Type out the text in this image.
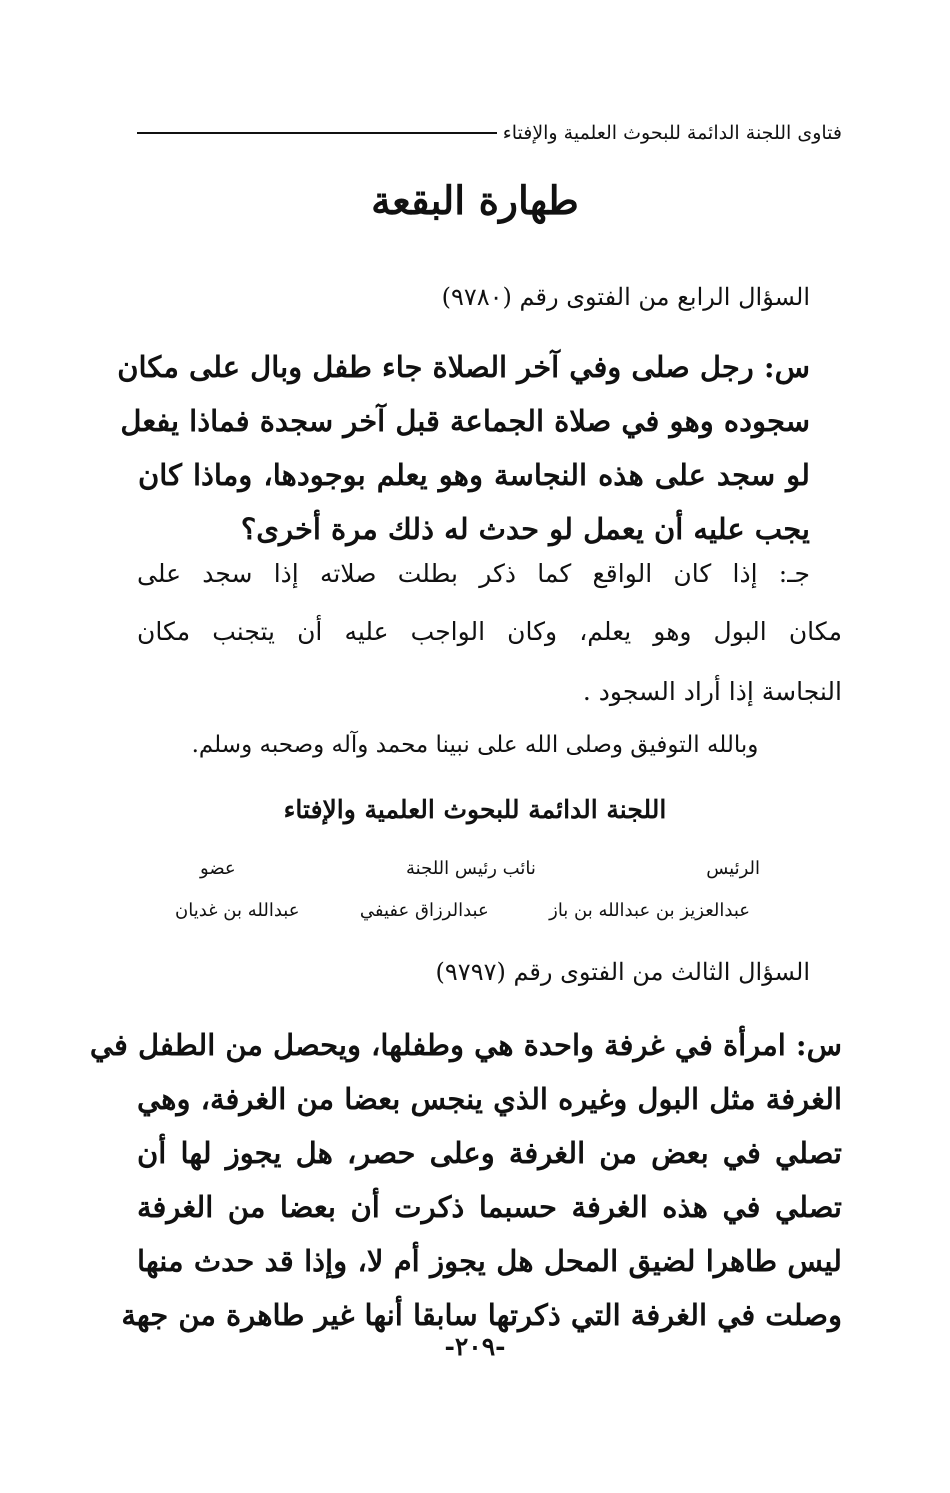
فتاوى اللجنة الدائمة للبحوث العلمية والإفتاء
طهارة البقعة
السؤال الرابع من الفتوى رقم (٩٧٨٠)
س: رجل صلى وفي آخر الصلاة جاء طفل وبال على مكان
سجوده وهو في صلاة الجماعة قبل آخر سجدة فماذا يفعل
لو سجد على هذه النجاسة وهو يعلم بوجودها، وماذا كان
يجب عليه أن يعمل لو حدث له ذلك مرة أخرى؟
جـ: إذا كان الواقع كما ذكر بطلت صلاته إذا سجد على
مكان البول وهو يعلم، وكان الواجب عليه أن يتجنب مكان
النجاسة إذا أراد السجود .
وبالله التوفيق وصلى الله على نبينا محمد وآله وصحبه وسلم.
اللجنة الدائمة للبحوث العلمية والإفتاء
الرئيس
نائب رئيس اللجنة
عضو
عبدالعزيز بن عبدالله بن باز
عبدالرزاق عفيفي
عبدالله بن غديان
السؤال الثالث من الفتوى رقم (٩٧٩٧)
س: امرأة في غرفة واحدة هي وطفلها، ويحصل من الطفل في
الغرفة مثل البول وغيره الذي ينجس بعضا من الغرفة، وهي
تصلي في بعض من الغرفة وعلى حصر، هل يجوز لها أن
تصلي في هذه الغرفة حسبما ذكرت أن بعضا من الغرفة
ليس طاهرا لضيق المحل هل يجوز أم لا، وإذا قد حدث منها
وصلت في الغرفة التي ذكرتها سابقا أنها غير طاهرة من جهة
-٢٠٩-
